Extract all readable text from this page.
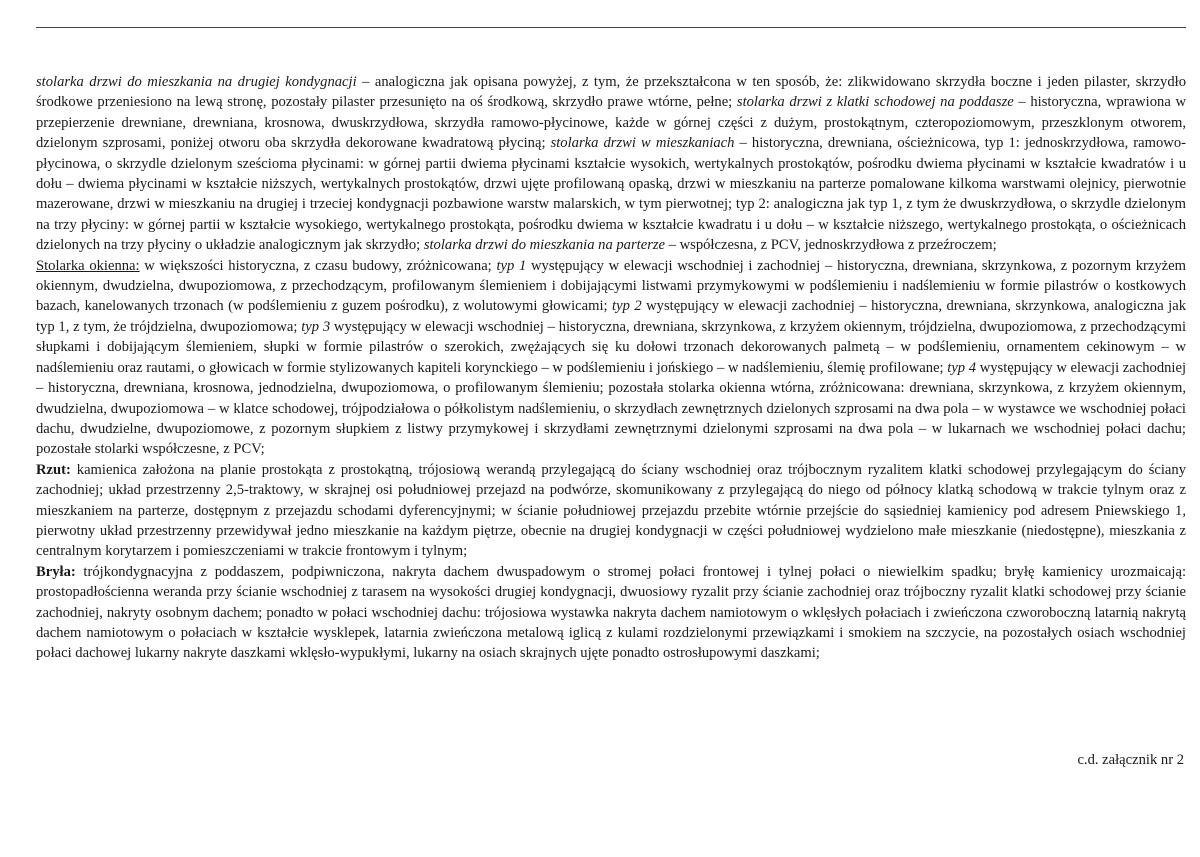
stolarka drzwi do mieszkania na drugiej kondygnacji – analogiczna jak opisana powyżej, z tym, że przekształcona w ten sposób, że: zlikwidowano skrzydła boczne i jeden pilaster, skrzydło środkowe przeniesiono na lewą stronę, pozostały pilaster przesunięto na oś środkową, skrzydło prawe wtórne, pełne; stolarka drzwi z klatki schodowej na poddasze – historyczna, wprawiona w przepierzenie drewniane, drewniana, krosnowa, dwuskrzydłowa, skrzydła ramowo-płycinowe, każde w górnej części z dużym, prostokątnym, czteropoziomowym, przeszklonym otworem, dzielonym szprosami, poniżej otworu oba skrzydła dekorowane kwadratową płyciną; stolarka drzwi w mieszkaniach – historyczna, drewniana, ościeżnicowa, typ 1: jednoskrzydłowa, ramowo-płycinowa, o skrzydle dzielonym sześcioma płycinami: w górnej partii dwiema płycinami kształcie wysokich, wertykalnych prostokątów, pośrodku dwiema płycinami w kształcie kwadratów i u dołu – dwiema płycinami w kształcie niższych, wertykalnych prostokątów, drzwi ujęte profilowaną opaską, drzwi w mieszkaniu na parterze pomalowane kilkoma warstwami olejnicy, pierwotnie mazerowane, drzwi w mieszkaniu na drugiej i trzeciej kondygnacji pozbawione warstw malarskich, w tym pierwotnej; typ 2: analogiczna jak typ 1, z tym że dwuskrzydłowa, o skrzydle dzielonym na trzy płyciny: w górnej partii w kształcie wysokiego, wertykalnego prostokąta, pośrodku dwiema w kształcie kwadratu i u dołu – w kształcie niższego, wertykalnego prostokąta, o ościeżnicach dzielonych na trzy płyciny o układzie analogicznym jak skrzydło; stolarka drzwi do mieszkania na parterze – współczesna, z PCV, jednoskrzydłowa z przeźroczem;

Stolarka okienna: w większości historyczna, z czasu budowy, zróżnicowana; typ 1 występujący w elewacji wschodniej i zachodniej – historyczna, drewniana, skrzynkowa, z pozornym krzyżem okiennym, dwudzielna, dwupoziomowa, z przechodzącym, profilowanym ślemieniem i dobijającymi listwami przymykowymi w podślemieniu i nadślemieniu w formie pilastrów o kostkowych bazach, kanelowanych trzonach (w podślemieniu z guzem pośrodku), z wolutowymi głowicami; typ 2 występujący w elewacji zachodniej – historyczna, drewniana, skrzynkowa, analogiczna jak typ 1, z tym, że trójdzielna, dwupoziomowa; typ 3 występujący w elewacji wschodniej – historyczna, drewniana, skrzynkowa, z krzyżem okiennym, trójdzielna, dwupoziomowa, z przechodzącymi słupkami i dobijającym ślemieniem, słupki w formie pilastrów o szerokich, zwężających się ku dołowi trzonach dekorowanych palmetą – w podślemieniu, ornamentem cekinowym – w nadślemieniu oraz rautami, o głowicach w formie stylizowanych kapiteli korynckiego – w podślemieniu i jońskiego – w nadślemieniu, ślemię profilowane; typ 4 występujący w elewacji zachodniej – historyczna, drewniana, krosnowa, jednodzielna, dwupoziomowa, o profilowanym ślemieniu; pozostała stolarka okienna wtórna, zróżnicowana: drewniana, skrzynkowa, z krzyżem okiennym, dwudzielna, dwupoziomowa – w klatce schodowej, trójpodziałowa o półkolistym nadślemieniu, o skrzydłach zewnętrznych dzielonych szprosami na dwa pola – w wystawce we wschodniej połaci dachu, dwudzielne, dwupoziomowe, z pozornym słupkiem z listwy przymykowej i skrzydłami zewnętrznymi dzielonymi szprosami na dwa pola – w lukarnach we wschodniej połaci dachu; pozostałe stolarki współczesne, z PCV;

Rzut: kamienica założona na planie prostokąta z prostokątną, trójosiową werandą przylegającą do ściany wschodniej oraz trójbocznym ryzalitem klatki schodowej przylegającym do ściany zachodniej; układ przestrzenny 2,5-traktowy, w skrajnej osi południowej przejazd na podwórze, skomunikowany z przylegającą do niego od północy klatką schodową w trakcie tylnym oraz z mieszkaniem na parterze, dostępnym z przejazdu schodami dyferencyjnymi; w ścianie południowej przejazdu przebite wtórnie przejście do sąsiedniej kamienicy pod adresem Pniewskiego 1, pierwotny układ przestrzenny przewidywał jedno mieszkanie na każdym piętrze, obecnie na drugiej kondygnacji w części południowej wydzielono małe mieszkanie (niedostępne), mieszkania z centralnym korytarzem i pomieszczeniami w trakcie frontowym i tylnym;

Bryła: trójkondygnacyjna z poddaszem, podpiwniczona, nakryta dachem dwuspadowym o stromej połaci frontowej i tylnej połaci o niewielkim spadku; bryłę kamienicy urozmaicają: prostopadłościenna weranda przy ścianie wschodniej z tarasem na wysokości drugiej kondygnacji, dwuosiowy ryzalit przy ścianie zachodniej oraz trójboczny ryzalit klatki schodowej przy ścianie zachodniej, nakryty osobnym dachem; ponadto w połaci wschodniej dachu: trójosiowa wystawka nakryta dachem namiotowym o wklęsłych połaciach i zwieńczona czworoboczną latarnią nakrytą dachem namiotowym o połaciach w kształcie wysklepek, latarnia zwieńczona metalową iglicą z kulami rozdzielonymi przewiązkami i smokiem na szczycie, na pozostałych osiach wschodniej połaci dachowej lukarny nakryte daszkami wklęsło-wypukłymi, lukarny na osiach skrajnych ujęte ponadto ostrosłupowymi daszkami;

c.d. załącznik nr 2
